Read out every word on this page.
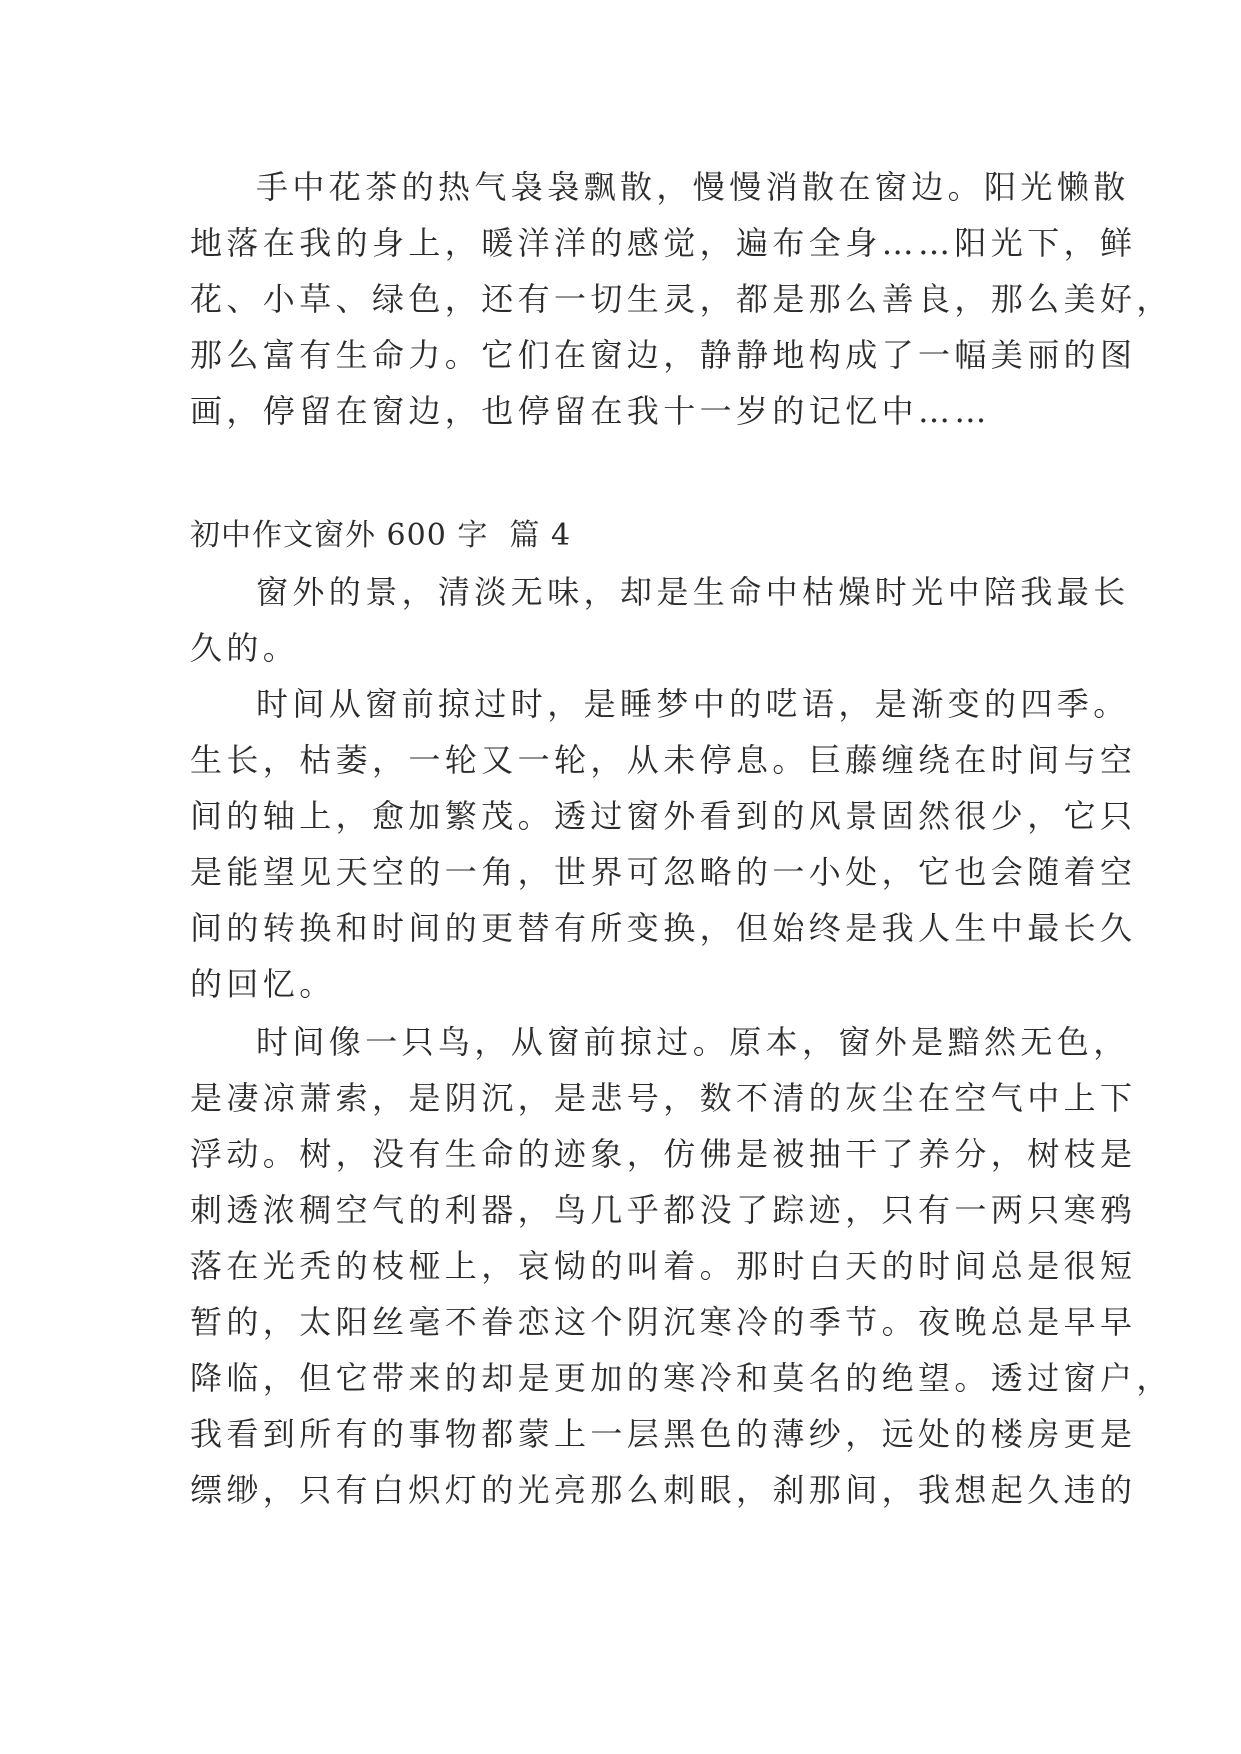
手中花茶的热气袅袅飘散，慢慢消散在窗边。阳光懒散
地落在我的身上，暖洋洋的感觉，遍布全身……阳光下，鲜
花、小草、绿色，还有一切生灵，都是那么善良，那么美好，
那么富有生命力。它们在窗边，静静地构成了一幅美丽的图
画，停留在窗边，也停留在我十一岁的记忆中……
初中作文窗外 600 字  篇 4
窗外的景，清淡无味，却是生命中枯燥时光中陪我最长
久的。
时间从窗前掠过时，是睡梦中的呓语，是渐变的四季。
生长，枯萎，一轮又一轮，从未停息。巨藤缠绕在时间与空
间的轴上，愈加繁茂。透过窗外看到的风景固然很少，它只
是能望见天空的一角，世界可忽略的一小处，它也会随着空
间的转换和时间的更替有所变换，但始终是我人生中最长久
的回忆。
时间像一只鸟，从窗前掠过。原本，窗外是黯然无色，
是凄凉萧索，是阴沉，是悲号，数不清的灰尘在空气中上下
浮动。树，没有生命的迹象，仿佛是被抽干了养分，树枝是
刺透浓稠空气的利器，鸟几乎都没了踪迹，只有一两只寒鸦
落在光秃的枝桠上，哀恸的叫着。那时白天的时间总是很短
暂的，太阳丝毫不眷恋这个阴沉寒冷的季节。夜晚总是早早
降临，但它带来的却是更加的寒冷和莫名的绝望。透过窗户，
我看到所有的事物都蒙上一层黑色的薄纱，远处的楼房更是
缥缈，只有白炽灯的光亮那么刺眼，刹那间，我想起久违的
